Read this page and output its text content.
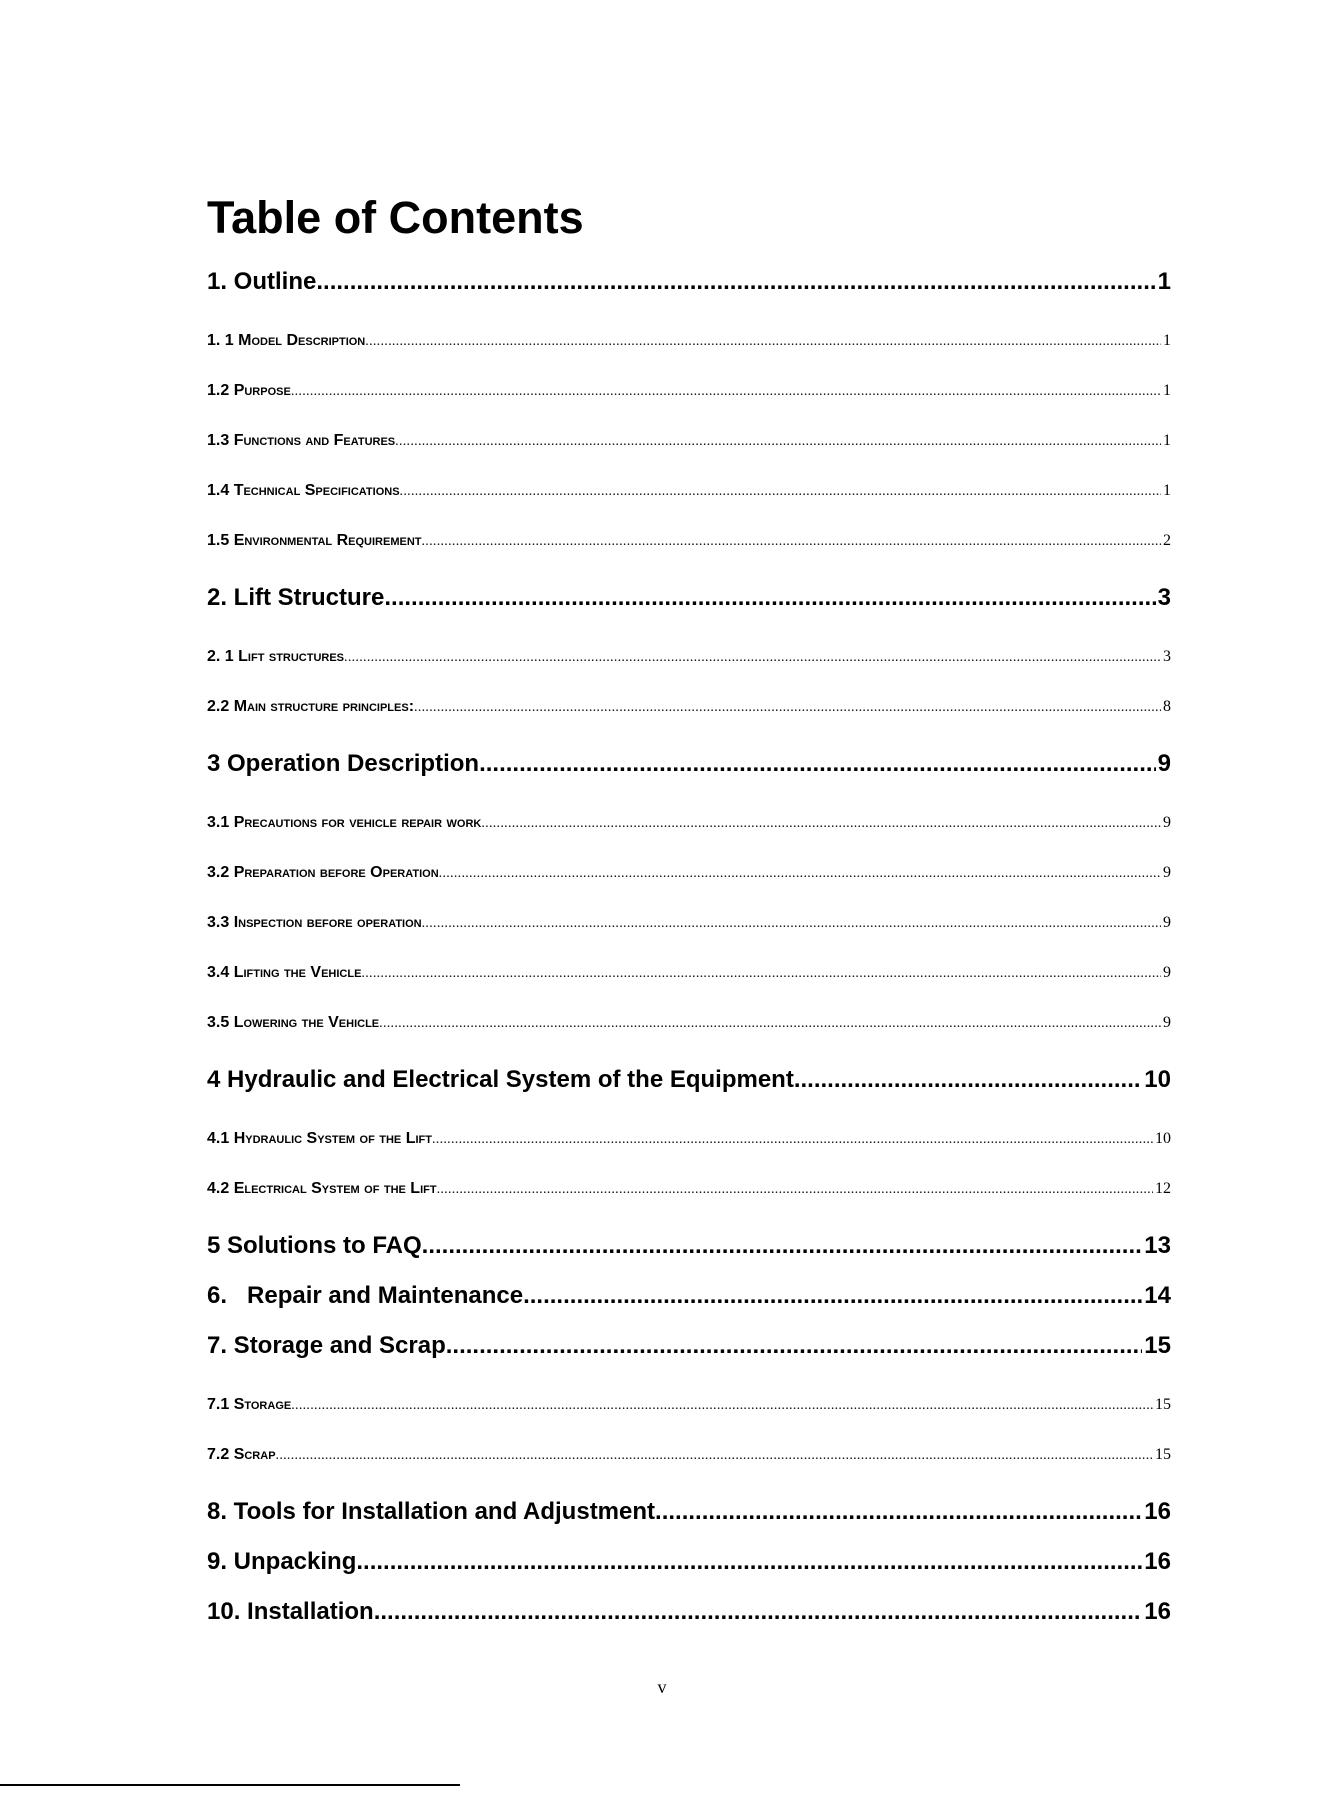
Table of Contents
1. Outline .....	1
1. 1 Model Description .....	1
1.2 Purpose .....	1
1.3 Functions and Features .....	1
1.4 Technical Specifications .....	1
1.5 Environmental Requirement .....	2
2. Lift Structure .....	3
2. 1 Lift structures .....	3
2.2 Main structure principles: .....	8
3 Operation Description .....	9
3.1 Precautions for vehicle repair work .....	9
3.2 Preparation before Operation .....	9
3.3 Inspection before operation .....	9
3.4 Lifting the Vehicle .....	9
3.5 Lowering the Vehicle .....	9
4 Hydraulic and Electrical System of the Equipment .....	10
4.1 Hydraulic System of the Lift .....	10
4.2 Electrical System of the Lift .....	12
5 Solutions to FAQ .....	13
6.   Repair and Maintenance .....	14
7. Storage and Scrap .....	15
7.1 Storage .....	15
7.2 Scrap .....	15
8. Tools for Installation and Adjustment .....	16
9. Unpacking .....	16
10. Installation .....	16
v
